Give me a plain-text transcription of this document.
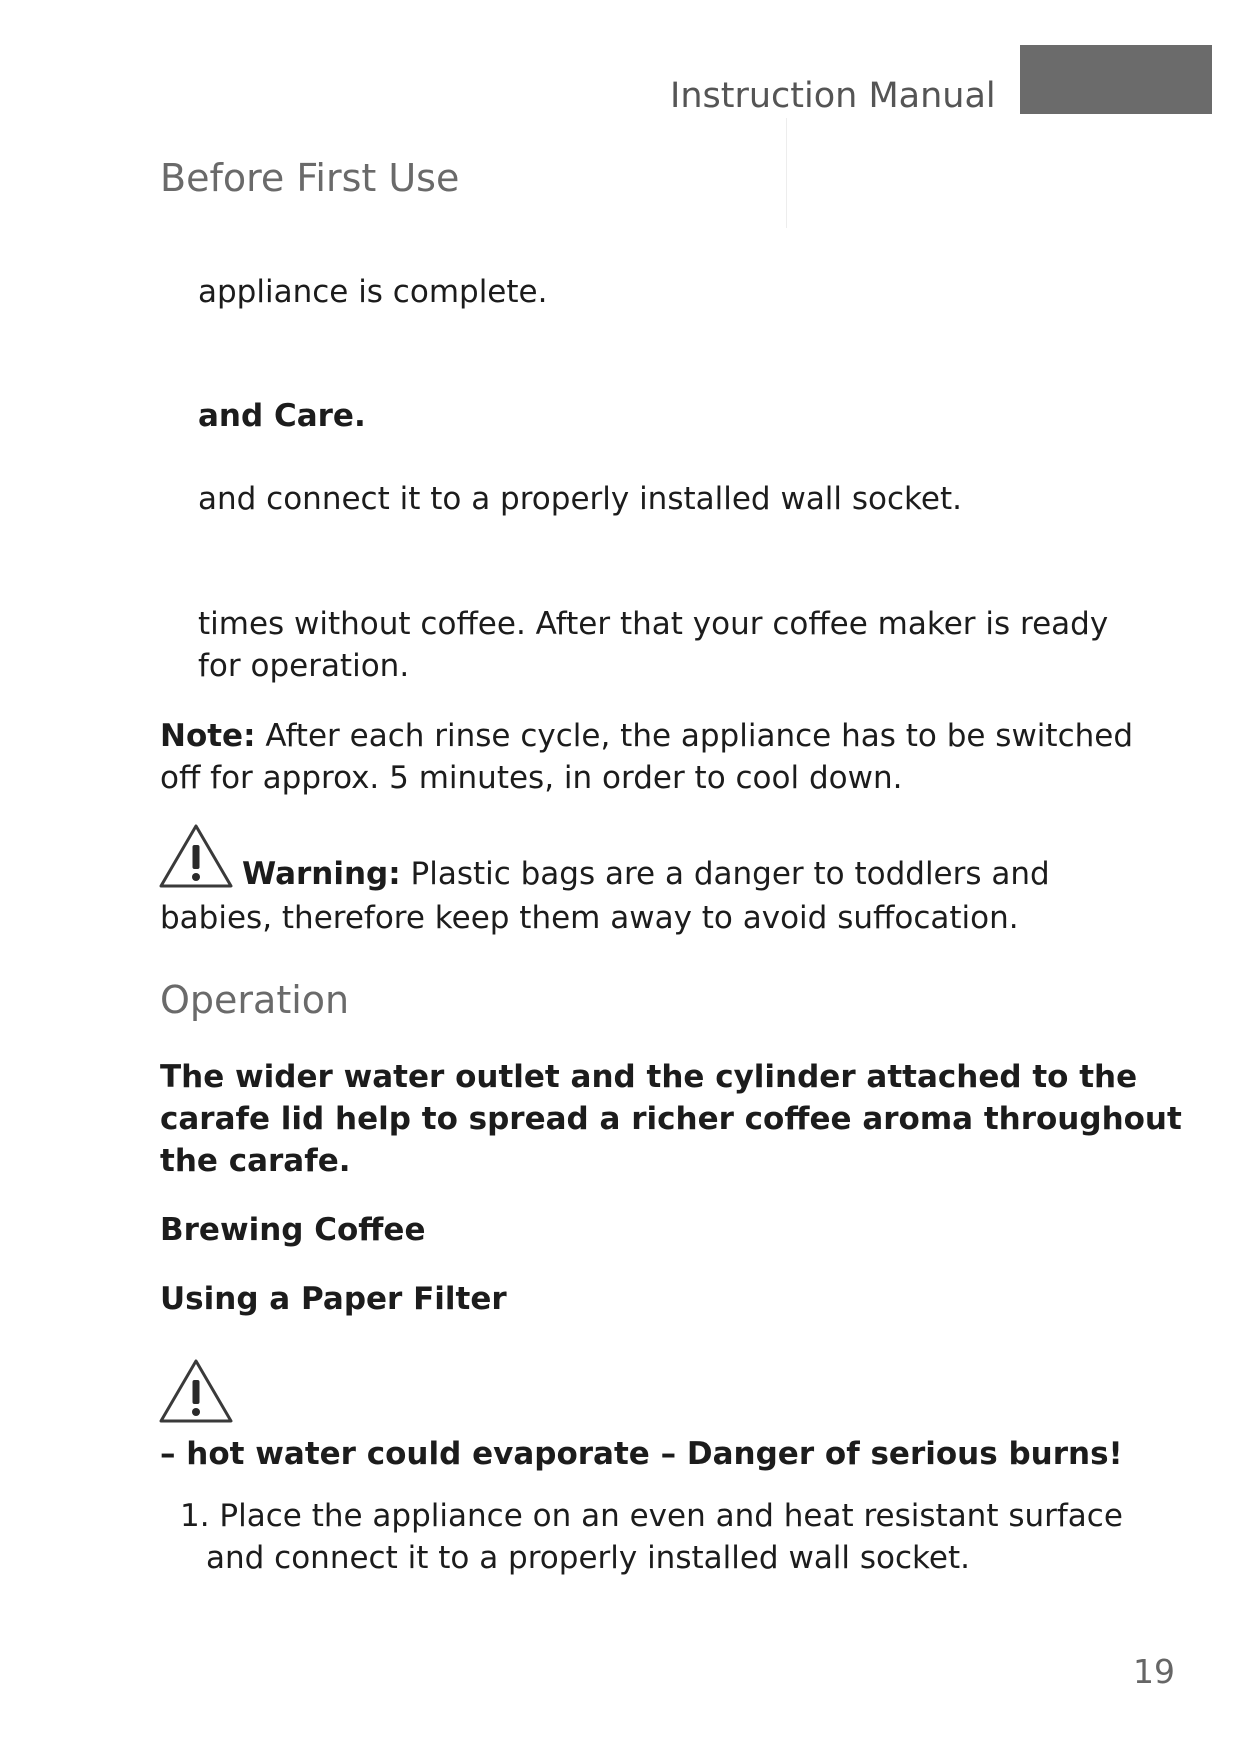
Instruction Manual
Before First Use
appliance is complete.
and Care.
and connect it to a properly installed wall socket.
times without coffee. After that your coffee maker is ready
for operation.
Note: After each rinse cycle, the appliance has to be switched
off for approx. 5 minutes, in order to cool down.
Warning: Plastic bags are a danger to toddlers and
babies, therefore keep them away to avoid suffocation.
Operation
The wider water outlet and the cylinder attached to the
carafe lid help to spread a richer coffee aroma throughout
the carafe.
Brewing Coffee
Using a Paper Filter
– hot water could evaporate – Danger of serious burns!
1. Place the appliance on an even and heat resistant surface
and connect it to a properly installed wall socket.
19
